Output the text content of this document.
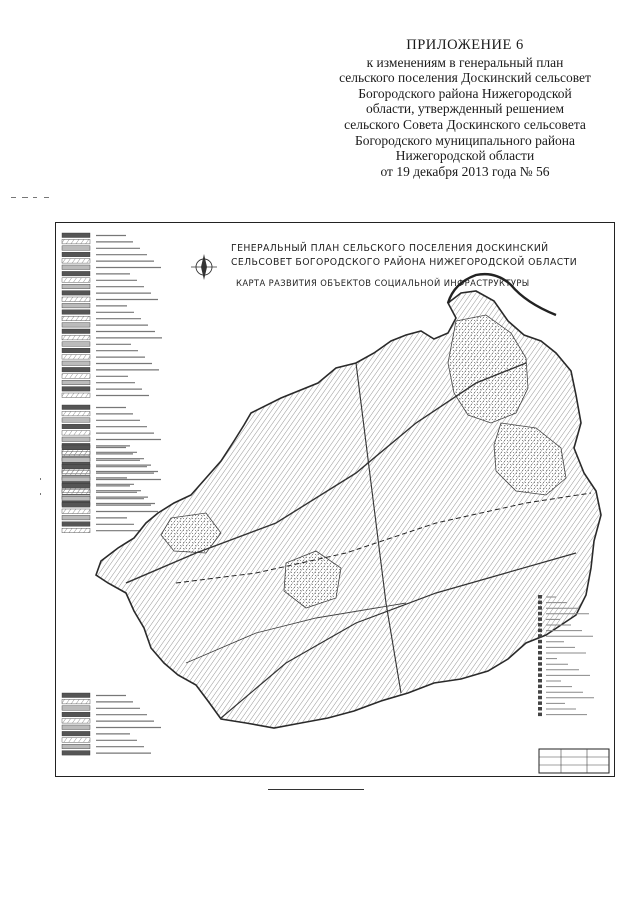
ПРИЛОЖЕНИЕ 6
к изменениям в генеральный план
сельского поселения Доскинский сельсовет
Богородского района Нижегородской
области, утвержденный решением
сельского Совета Доскинского сельсовета
Богородского муниципального района
Нижегородской области
от 19 декабря 2013 года № 56
ГЕНЕРАЛЬНЫЙ ПЛАН СЕЛЬСКОГО ПОСЕЛЕНИЯ ДОСКИНСКИЙ
СЕЛЬСОВЕТ БОГОРОДСКОГО РАЙОНА НИЖЕГОРОДСКОЙ ОБЛАСТИ
КАРТА РАЗВИТИЯ ОБЪЕКТОВ СОЦИАЛЬНОЙ ИНФРАСТРУКТУРЫ
